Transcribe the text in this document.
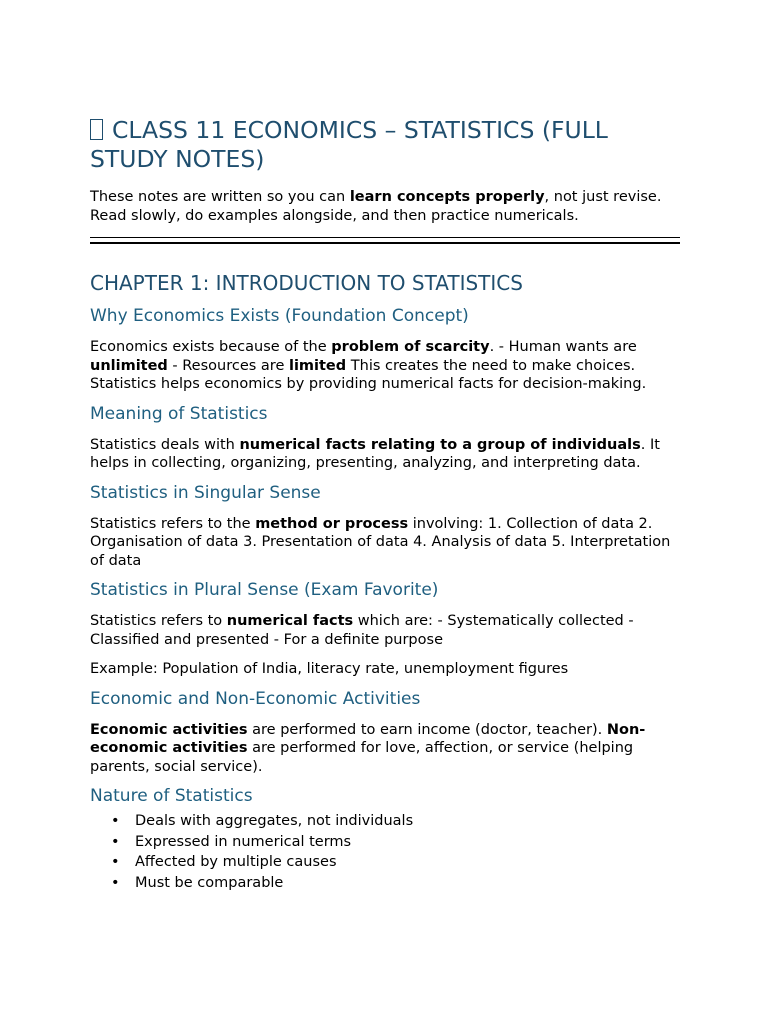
CLASS 11 ECONOMICS – STATISTICS (FULL STUDY NOTES)

These notes are written so you can learn concepts properly, not just revise. Read slowly, do examples alongside, and then practice numericals.

CHAPTER 1: INTRODUCTION TO STATISTICS
Why Economics Exists (Foundation Concept)

Economics exists because of the problem of scarcity. - Human wants are unlimited - Resources are limited This creates the need to make choices. Statistics helps economics by providing numerical facts for decision-making.

Meaning of Statistics

Statistics deals with numerical facts relating to a group of individuals. It helps in collecting, organizing, presenting, analyzing, and interpreting data.

Statistics in Singular Sense

Statistics refers to the method or process involving: 1. Collection of data 2. Organisation of data 3. Presentation of data 4. Analysis of data 5. Interpretation of data

Statistics in Plural Sense (Exam Favorite)

Statistics refers to numerical facts which are: - Systematically collected - Classified and presented - For a definite purpose

Example: Population of India, literacy rate, unemployment figures

Economic and Non-Economic Activities

Economic activities are performed to earn income (doctor, teacher). Non-economic activities are performed for love, affection, or service (helping parents, social service).

Nature of Statistics
• Deals with aggregates, not individuals
• Expressed in numerical terms
• Affected by multiple causes
• Must be comparable
